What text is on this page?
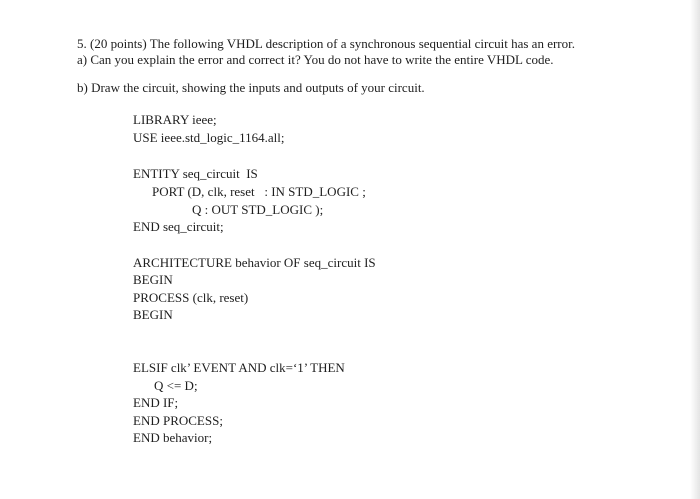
5. (20 points) The following VHDL description of a synchronous sequential circuit has an error.
a) Can you explain the error and correct it? You do not have to write the entire VHDL code.
b) Draw the circuit, showing the inputs and outputs of your circuit.
LIBRARY ieee;
USE ieee.std_logic_1164.all;
ENTITY seq_circuit  IS
PORT (D, clk, reset   : IN STD_LOGIC ;
Q : OUT STD_LOGIC );
END seq_circuit;
ARCHITECTURE behavior OF seq_circuit IS
BEGIN
PROCESS (clk, reset)
BEGIN
ELSIF clk’ EVENT AND clk=‘1’ THEN
Q <= D;
END IF;
END PROCESS;
END behavior;
